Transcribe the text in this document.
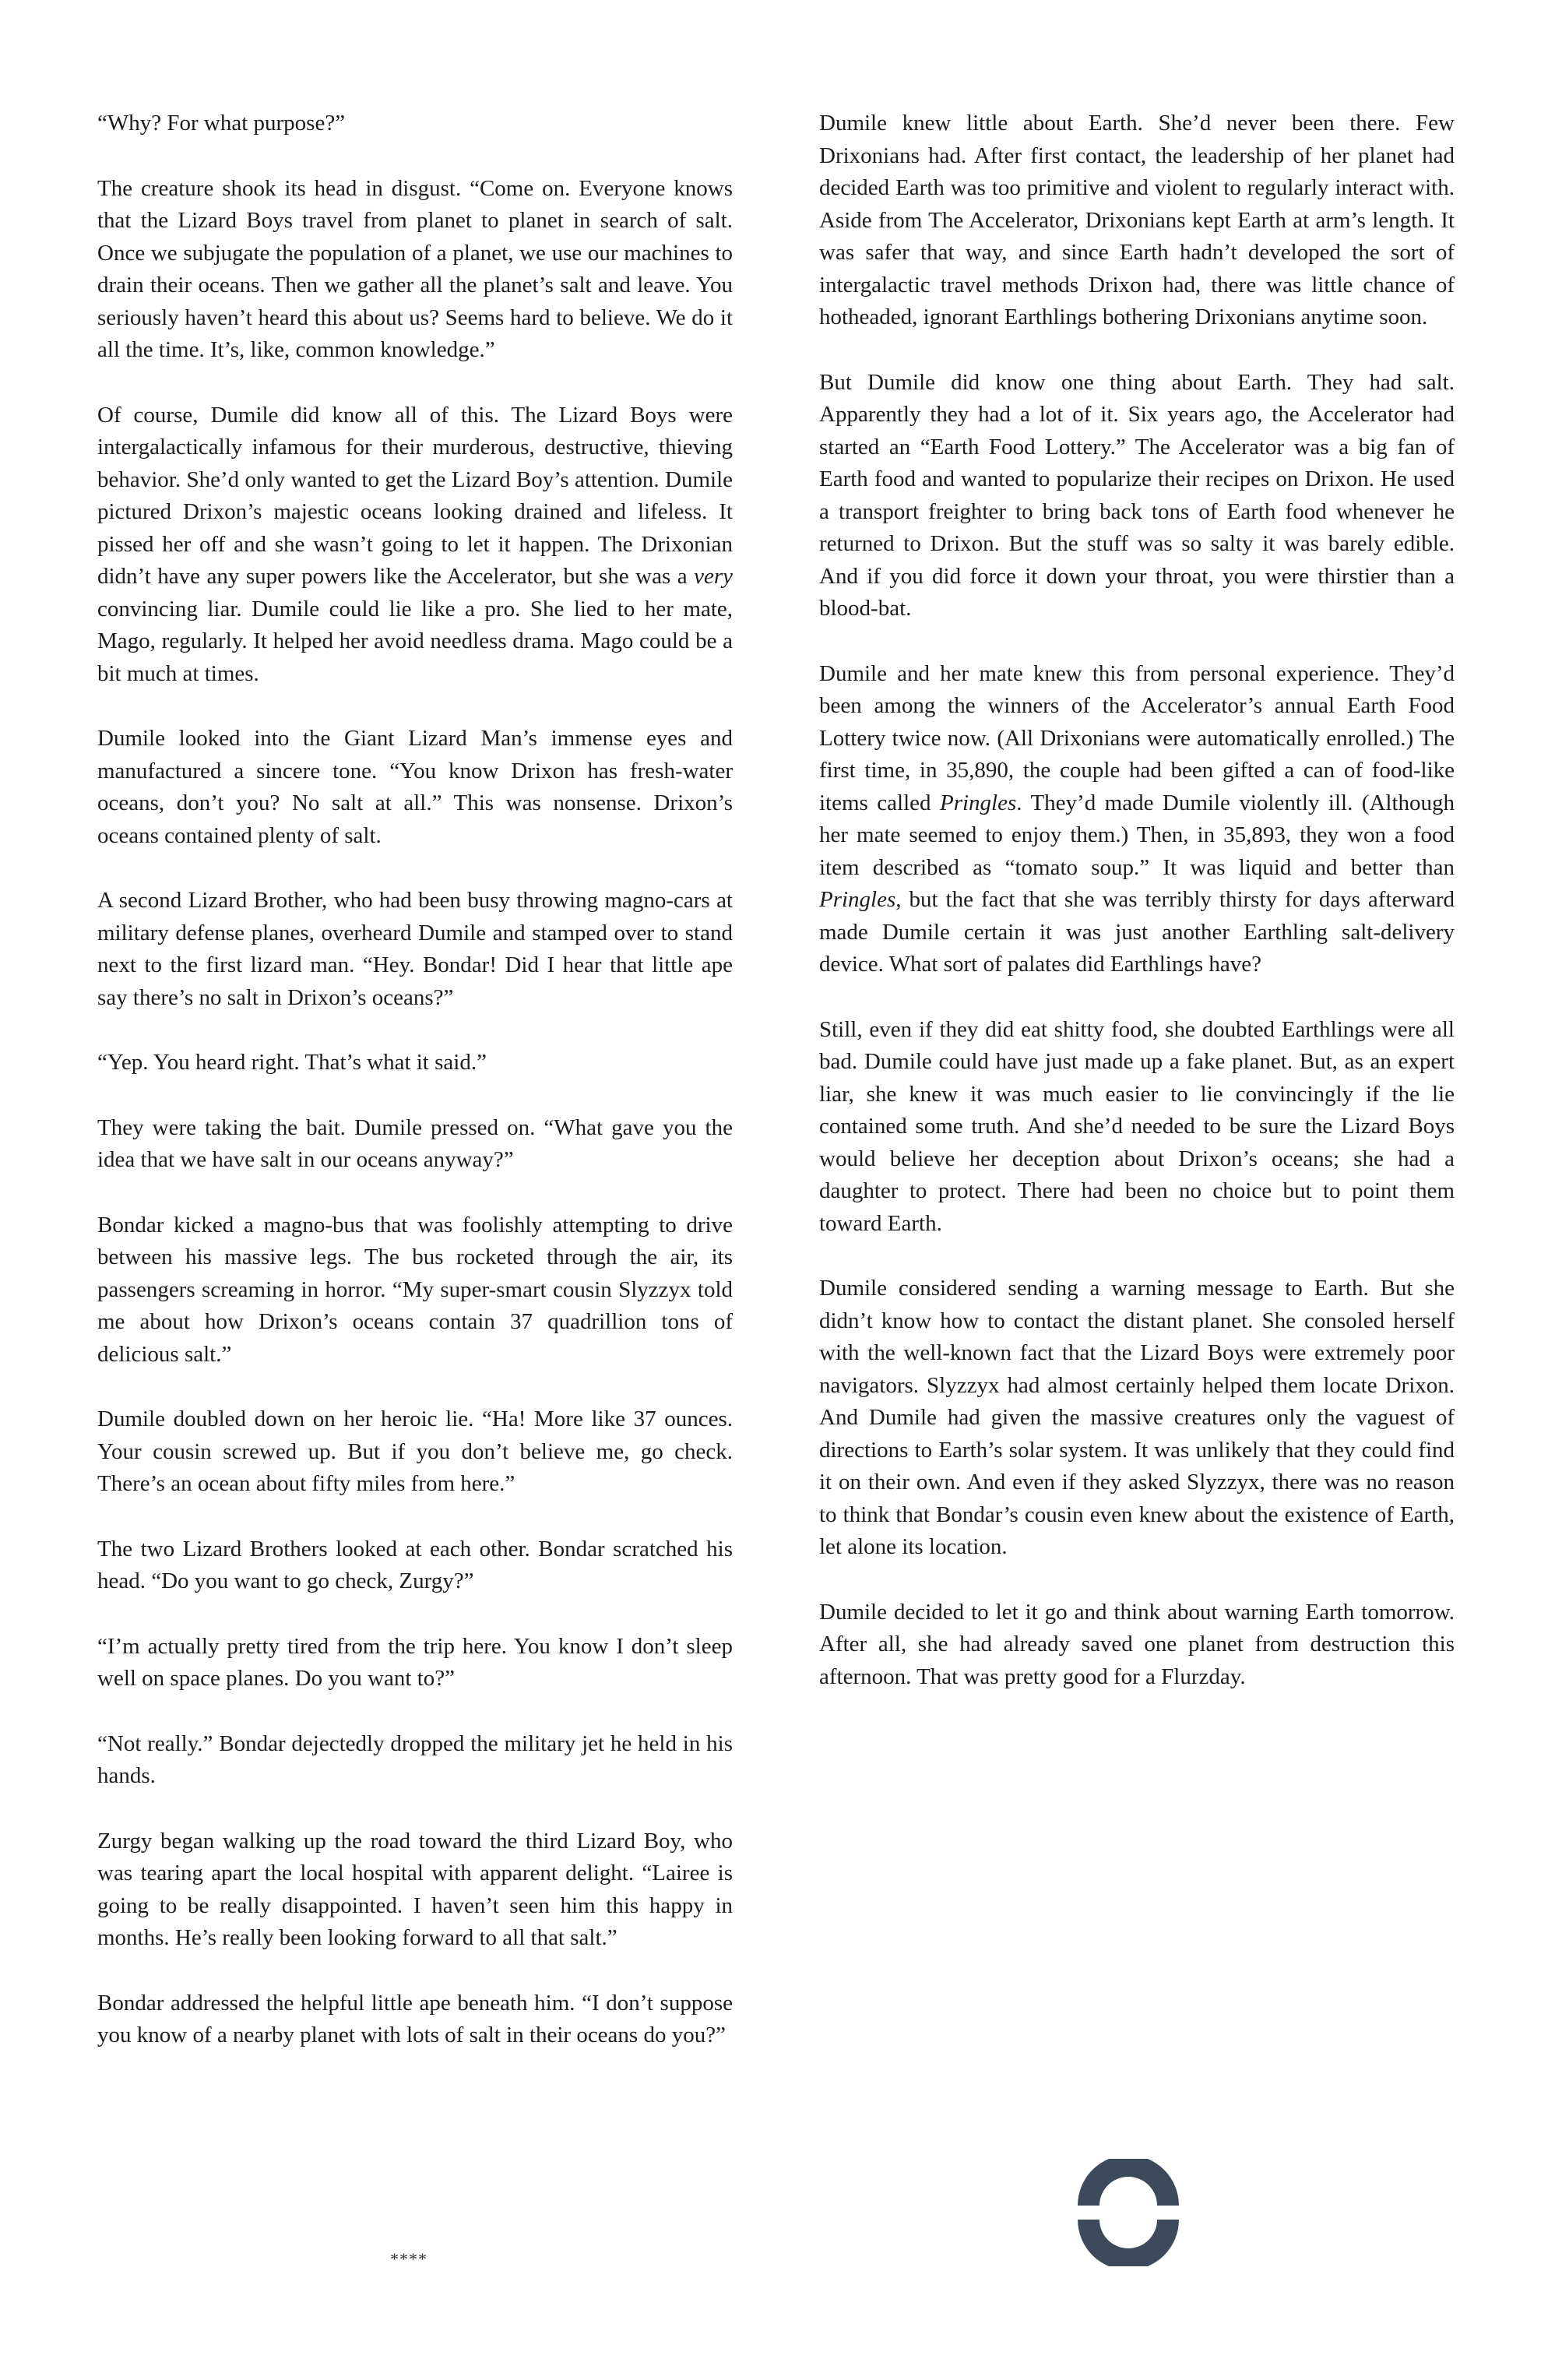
“Why? For what purpose?”

The creature shook its head in disgust. “Come on. Everyone knows that the Lizard Boys travel from planet to planet in search of salt. Once we subjugate the population of a planet, we use our machines to drain their oceans. Then we gather all the planet’s salt and leave. You seriously haven’t heard this about us? Seems hard to believe. We do it all the time. It’s, like, common knowledge.”

Of course, Dumile did know all of this. The Lizard Boys were intergalactically infamous for their murderous, destructive, thieving behavior. She’d only wanted to get the Lizard Boy’s attention. Dumile pictured Drixon’s majestic oceans looking drained and lifeless. It pissed her off and she wasn’t going to let it happen. The Drixonian didn’t have any super powers like the Accelerator, but she was a very convincing liar. Dumile could lie like a pro. She lied to her mate, Mago, regularly. It helped her avoid needless drama. Mago could be a bit much at times.

Dumile looked into the Giant Lizard Man’s immense eyes and manufactured a sincere tone. “You know Drixon has fresh-water oceans, don’t you? No salt at all.” This was nonsense. Drixon’s oceans contained plenty of salt.

A second Lizard Brother, who had been busy throwing magno-cars at military defense planes, overheard Dumile and stamped over to stand next to the first lizard man. “Hey. Bondar! Did I hear that little ape say there’s no salt in Drixon’s oceans?”

“Yep. You heard right. That’s what it said.”

They were taking the bait. Dumile pressed on. “What gave you the idea that we have salt in our oceans anyway?”

Bondar kicked a magno-bus that was foolishly attempting to drive between his massive legs. The bus rocketed through the air, its passengers screaming in horror. “My super-smart cousin Slyzzyx told me about how Drixon’s oceans contain 37 quadrillion tons of delicious salt.”

Dumile doubled down on her heroic lie. “Ha! More like 37 ounces. Your cousin screwed up. But if you don’t believe me, go check. There’s an ocean about fifty miles from here.”

The two Lizard Brothers looked at each other. Bondar scratched his head. “Do you want to go check, Zurgy?”

“I’m actually pretty tired from the trip here. You know I don’t sleep well on space planes. Do you want to?”

“Not really.” Bondar dejectedly dropped the military jet he held in his hands.

Zurgy began walking up the road toward the third Lizard Boy, who was tearing apart the local hospital with apparent delight. “Lairee is going to be really disappointed. I haven’t seen him this happy in months. He’s really been looking forward to all that salt.”

Bondar addressed the helpful little ape beneath him. “I don’t suppose you know of a nearby planet with lots of salt in their oceans do you?”

****

Dumile knew little about Earth. She’d never been there. Few Drixonians had. After first contact, the leadership of her planet had decided Earth was too primitive and violent to regularly interact with. Aside from The Accelerator, Drixonians kept Earth at arm’s length. It was safer that way, and since Earth hadn’t developed the sort of intergalactic travel methods Drixon had, there was little chance of hotheaded, ignorant Earthlings bothering Drixonians anytime soon.

But Dumile did know one thing about Earth. They had salt. Apparently they had a lot of it. Six years ago, the Accelerator had started an “Earth Food Lottery.” The Accelerator was a big fan of Earth food and wanted to popularize their recipes on Drixon. He used a transport freighter to bring back tons of Earth food whenever he returned to Drixon. But the stuff was so salty it was barely edible. And if you did force it down your throat, you were thirstier than a blood-bat.

Dumile and her mate knew this from personal experience. They’d been among the winners of the Accelerator’s annual Earth Food Lottery twice now. (All Drixonians were automatically enrolled.) The first time, in 35,890, the couple had been gifted a can of food-like items called Pringles. They’d made Dumile violently ill. (Although her mate seemed to enjoy them.) Then, in 35,893, they won a food item described as “tomato soup.” It was liquid and better than Pringles, but the fact that she was terribly thirsty for days afterward made Dumile certain it was just another Earthling salt-delivery device. What sort of palates did Earthlings have?

Still, even if they did eat shitty food, she doubted Earthlings were all bad. Dumile could have just made up a fake planet. But, as an expert liar, she knew it was much easier to lie convincingly if the lie contained some truth. And she’d needed to be sure the Lizard Boys would believe her deception about Drixon’s oceans; she had a daughter to protect. There had been no choice but to point them toward Earth.

Dumile considered sending a warning message to Earth. But she didn’t know how to contact the distant planet. She consoled herself with the well-known fact that the Lizard Boys were extremely poor navigators. Slyzzyx had almost certainly helped them locate Drixon. And Dumile had given the massive creatures only the vaguest of directions to Earth’s solar system. It was unlikely that they could find it on their own. And even if they asked Slyzzyx, there was no reason to think that Bondar’s cousin even knew about the existence of Earth, let alone its location.

Dumile decided to let it go and think about warning Earth tomorrow. After all, she had already saved one planet from destruction this afternoon. That was pretty good for a Flurzday.
